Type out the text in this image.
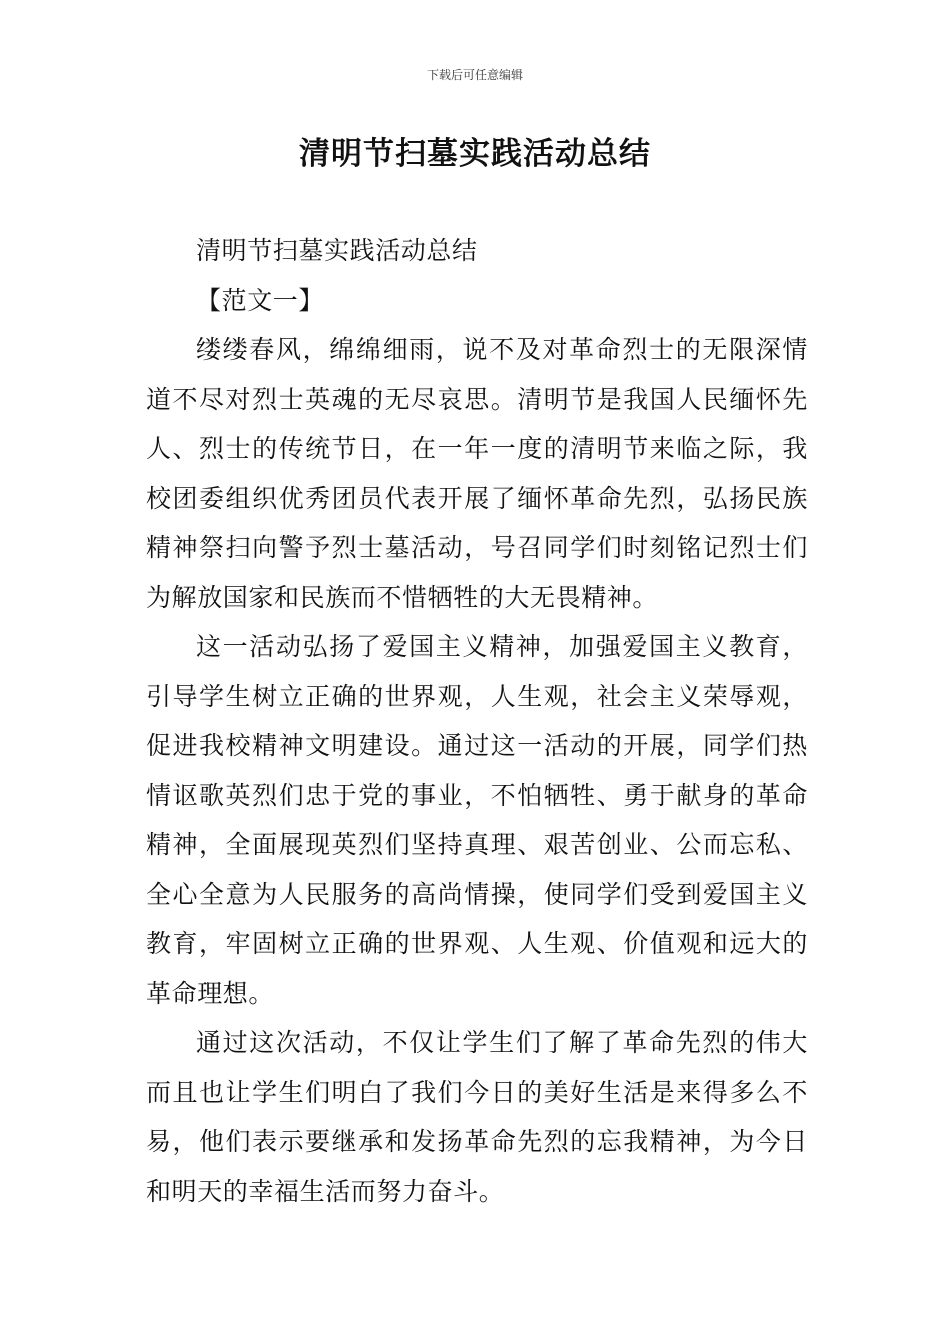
下载后可任意编辑
清明节扫墓实践活动总结

清明节扫墓实践活动总结

【范文一】

缕缕春风，绵绵细雨，说不及对革命烈士的无限深情道不尽对烈士英魂的无尽哀思。清明节是我国人民缅怀先人、烈士的传统节日，在一年一度的清明节来临之际，我校团委组织优秀团员代表开展了缅怀革命先烈，弘扬民族精神祭扫向警予烈士墓活动，号召同学们时刻铭记烈士们为解放国家和民族而不惜牺牲的大无畏精神。

这一活动弘扬了爱国主义精神，加强爱国主义教育，引导学生树立正确的世界观，人生观，社会主义荣辱观，促进我校精神文明建设。通过这一活动的开展，同学们热情讴歌英烈们忠于党的事业，不怕牺牲、勇于献身的革命精神，全面展现英烈们坚持真理、艰苦创业、公而忘私、全心全意为人民服务的高尚情操，使同学们受到爱国主义教育，牢固树立正确的世界观、人生观、价值观和远大的革命理想。

通过这次活动，不仅让学生们了解了革命先烈的伟大而且也让学生们明白了我们今日的美好生活是来得多么不易，他们表示要继承和发扬革命先烈的忘我精神，为今日和明天的幸福生活而努力奋斗。
